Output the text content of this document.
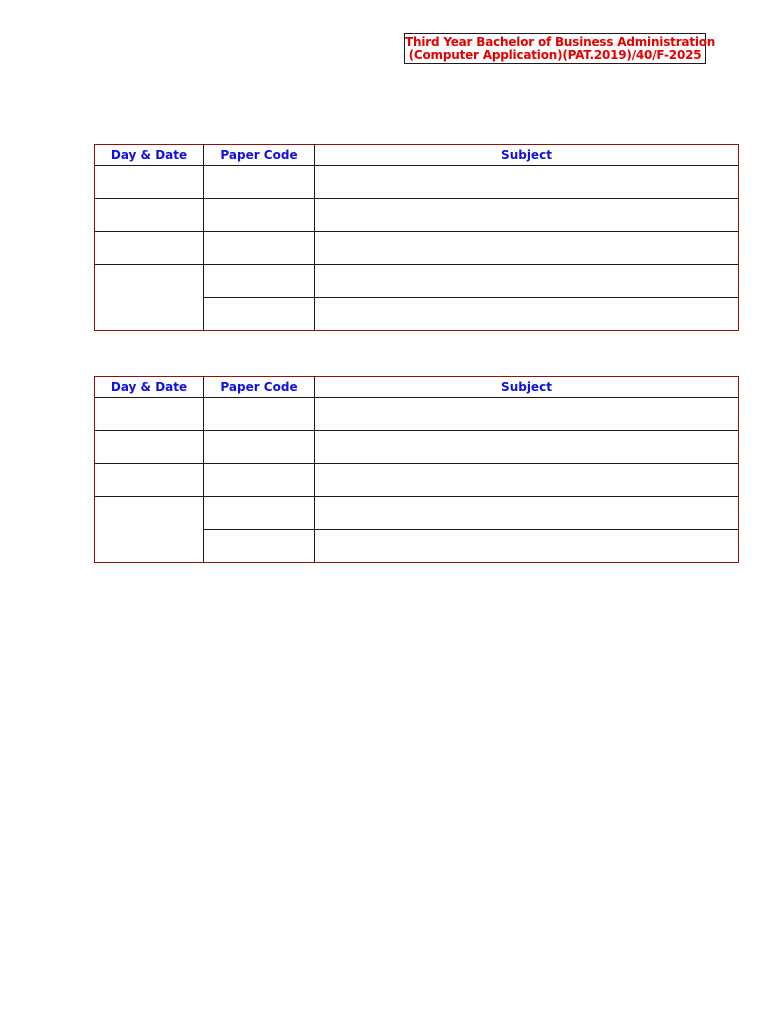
Third Year Bachelor of Business Administration
(Computer Application)(PAT.2019)/40/F-2025
Day & Date	Paper Code	Subject

Day & Date	Paper Code	Subject
